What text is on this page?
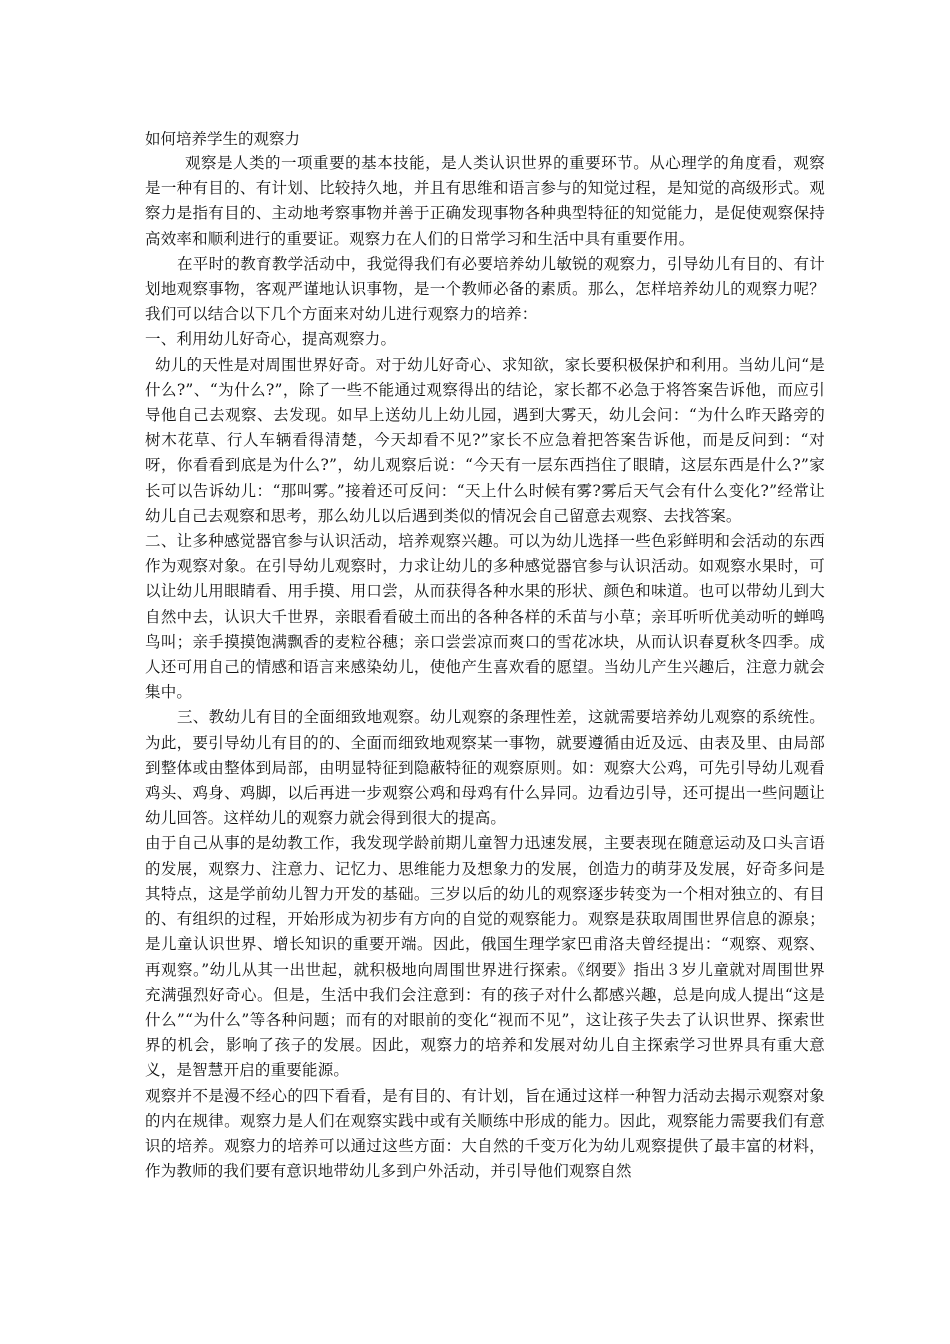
如何培养学生的观察力

观察是人类的一项重要的基本技能，是人类认识世界的重要环节。从心理学的角度看，观察是一种有目的、有计划、比较持久地，并且有思维和语言参与的知觉过程，是知觉的高级形式。观察力是指有目的、主动地考察事物并善于正确发现事物各种典型特征的知觉能力，是促使观察保持高效率和顺利进行的重要证。观察力在人们的日常学习和生活中具有重要作用。

在平时的教育教学活动中，我觉得我们有必要培养幼儿敏锐的观察力，引导幼儿有目的、有计划地观察事物，客观严谨地认识事物，是一个教师必备的素质。那么，怎样培养幼儿的观察力呢？我们可以结合以下几个方面来对幼儿进行观察力的培养：

一、利用幼儿好奇心，提高观察力。

幼儿的天性是对周围世界好奇。对于幼儿好奇心、求知欲，家长要积极保护和利用。当幼儿问“是什么?”、“为什么?”，除了一些不能通过观察得出的结论，家长都不必急于将答案告诉他，而应引导他自己去观察、去发现。如早上送幼儿上幼儿园，遇到大雾天，幼儿会问：“为什么昨天路旁的树木花草、行人车辆看得清楚，今天却看不见?”家长不应急着把答案告诉他，而是反问到：“对呀，你看看到底是为什么?”，幼儿观察后说：“今天有一层东西挡住了眼睛，这层东西是什么?”家长可以告诉幼儿：“那叫雾。”接着还可反问：“天上什么时候有雾?雾后天气会有什么变化?”经常让幼儿自己去观察和思考，那么幼儿以后遇到类似的情况会自己留意去观察、去找答案。

二、让多种感觉器官参与认识活动，培养观察兴趣。可以为幼儿选择一些色彩鲜明和会活动的东西作为观察对象。在引导幼儿观察时，力求让幼儿的多种感觉器官参与认识活动。如观察水果时，可以让幼儿用眼睛看、用手摸、用口尝，从而获得各种水果的形状、颜色和味道。也可以带幼儿到大自然中去，认识大千世界，亲眼看看破土而出的各种各样的禾苗与小草；亲耳听听优美动听的蝉鸣鸟叫；亲手摸摸饱满飘香的麦粒谷穗；亲口尝尝凉而爽口的雪花冰块，从而认识春夏秋冬四季。成人还可用自己的情感和语言来感染幼儿，使他产生喜欢看的愿望。当幼儿产生兴趣后，注意力就会集中。

三、教幼儿有目的全面细致地观察。幼儿观察的条理性差，这就需要培养幼儿观察的系统性。为此，要引导幼儿有目的的、全面而细致地观察某一事物，就要遵循由近及远、由表及里、由局部到整体或由整体到局部，由明显特征到隐蔽特征的观察原则。如：观察大公鸡，可先引导幼儿观看鸡头、鸡身、鸡脚，以后再进一步观察公鸡和母鸡有什么异同。边看边引导，还可提出一些问题让幼儿回答。这样幼儿的观察力就会得到很大的提高。

由于自己从事的是幼教工作，我发现学龄前期儿童智力迅速发展，主要表现在随意运动及口头言语的发展，观察力、注意力、记忆力、思维能力及想象力的发展，创造力的萌芽及发展，好奇多问是其特点，这是学前幼儿智力开发的基础。三岁以后的幼儿的观察逐步转变为一个相对独立的、有目的、有组织的过程，开始形成为初步有方向的自觉的观察能力。观察是获取周围世界信息的源泉；是儿童认识世界、增长知识的重要开端。因此，俄国生理学家巴甫洛夫曾经提出：“观察、观察、再观察。”幼儿从其一出世起，就积极地向周围世界进行探索。《纲要》指出３岁儿童就对周围世界充满强烈好奇心。但是，生活中我们会注意到：有的孩子对什么都感兴趣，总是向成人提出“这是什么”“为什么”等各种问题；而有的对眼前的变化“视而不见”，这让孩子失去了认识世界、探索世界的机会，影响了孩子的发展。因此，观察力的培养和发展对幼儿自主探索学习世界具有重大意义，是智慧开启的重要能源。

观察并不是漫不经心的四下看看，是有目的、有计划，旨在通过这样一种智力活动去揭示观察对象的内在规律。观察力是人们在观察实践中或有关顺练中形成的能力。因此，观察能力需要我们有意识的培养。观察力的培养可以通过这些方面：大自然的千变万化为幼儿观察提供了最丰富的材料，作为教师的我们要有意识地带幼儿多到户外活动，并引导他们观察自然
